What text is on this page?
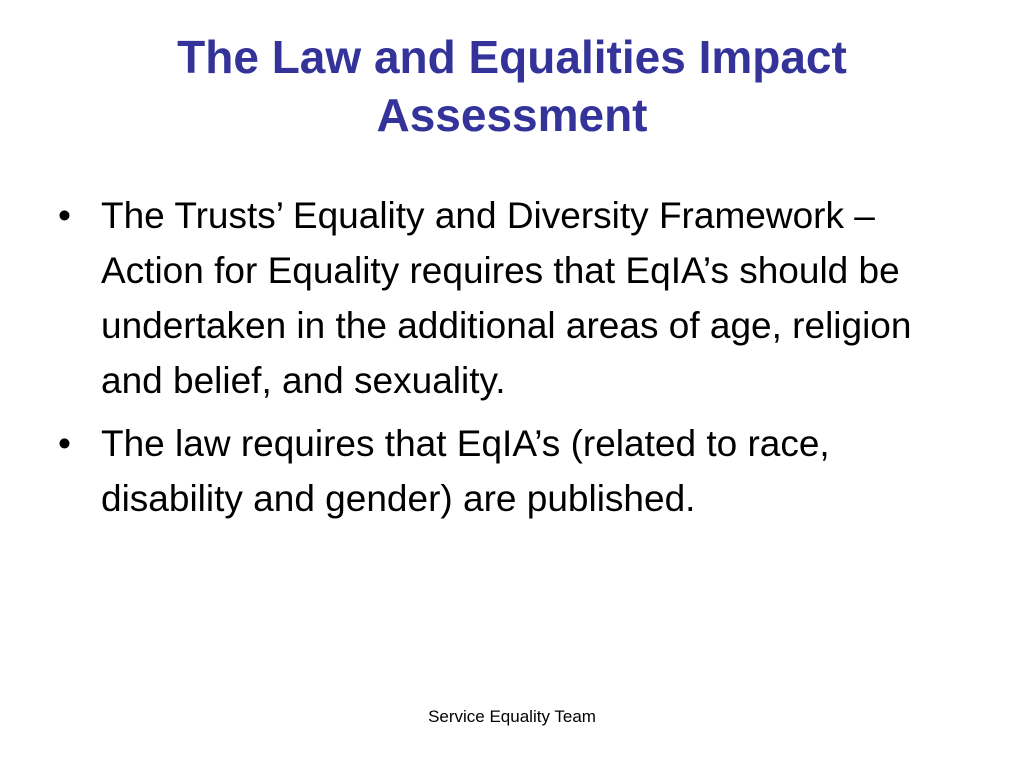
The Law and Equalities Impact Assessment
• The Trusts’ Equality and Diversity Framework – Action for Equality requires that EqIA’s should be undertaken in the additional areas of age, religion and belief, and sexuality.
• The law requires that EqIA’s (related to race, disability and gender) are published.
Service Equality Team
